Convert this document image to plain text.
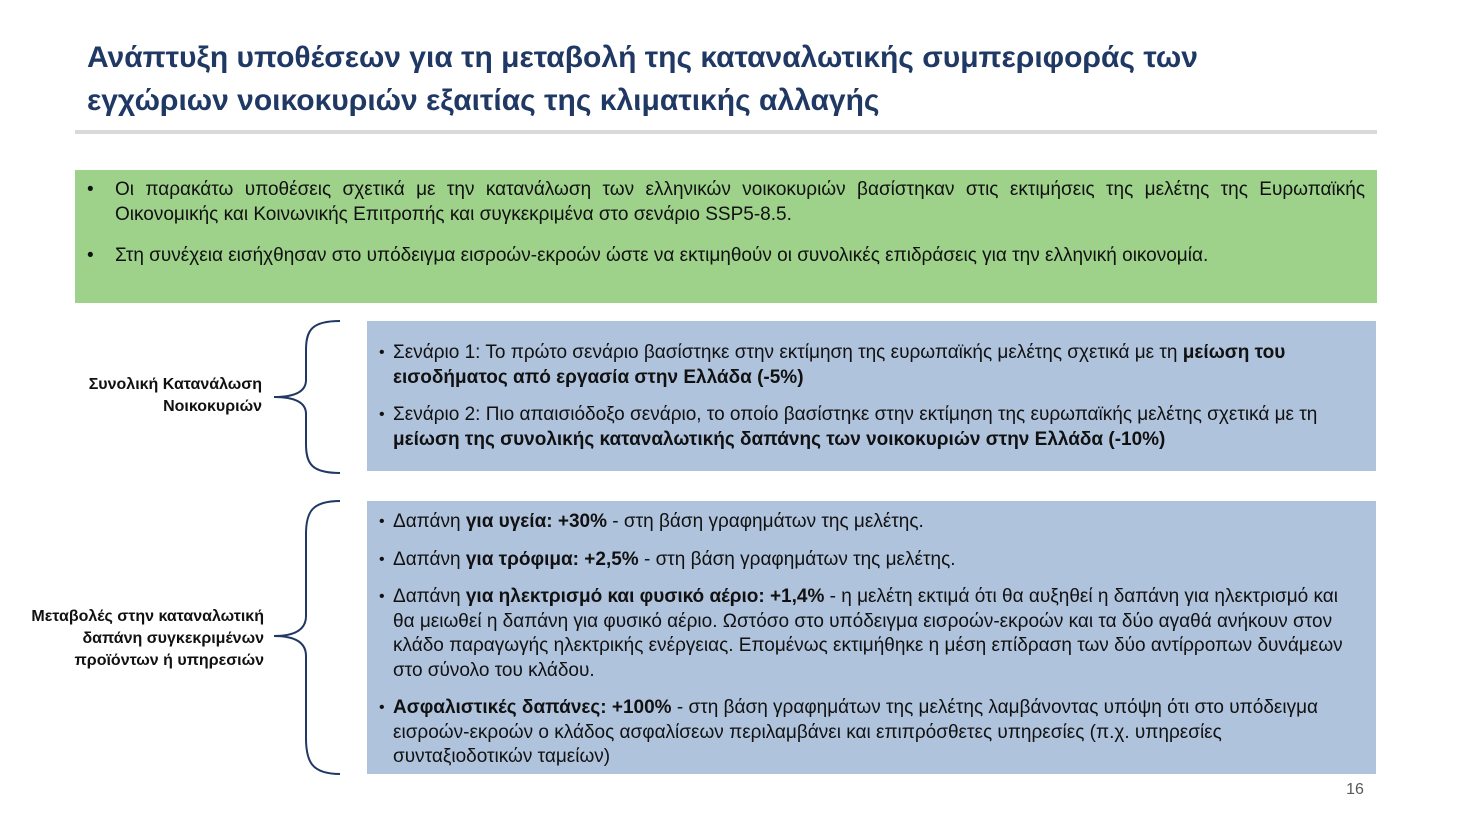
Ανάπτυξη υποθέσεων για τη μεταβολή της καταναλωτικής συμπεριφοράς των
εγχώριων νοικοκυριών εξαιτίας της κλιματικής αλλαγής
• Οι παρακάτω υποθέσεις σχετικά με την κατανάλωση των ελληνικών νοικοκυριών βασίστηκαν στις εκτιμήσεις της μελέτης της Ευρωπαϊκής Οικονομικής και Κοινωνικής Επιτροπής και συγκεκριμένα στο σενάριο SSP5-8.5.
• Στη συνέχεια εισήχθησαν στο υπόδειγμα εισροών-εκροών ώστε να εκτιμηθούν οι συνολικές επιδράσεις για την ελληνική οικονομία.
Συνολική Κατανάλωση
Νοικοκυριών
• Σενάριο 1: Το πρώτο σενάριο βασίστηκε στην εκτίμηση της ευρωπαϊκής μελέτης σχετικά με τη μείωση του εισοδήματος από εργασία στην Ελλάδα (-5%)
• Σενάριο 2: Πιο απαισιόδοξο σενάριο, το οποίο βασίστηκε στην εκτίμηση της ευρωπαϊκής μελέτης σχετικά με τη μείωση της συνολικής καταναλωτικής δαπάνης των νοικοκυριών στην Ελλάδα (-10%)
Μεταβολές στην καταναλωτική
δαπάνη συγκεκριμένων
προϊόντων ή υπηρεσιών
• Δαπάνη για υγεία: +30% - στη βάση γραφημάτων της μελέτης.
• Δαπάνη για τρόφιμα: +2,5% - στη βάση γραφημάτων της μελέτης.
• Δαπάνη για ηλεκτρισμό και φυσικό αέριο: +1,4% - η μελέτη εκτιμά ότι θα αυξηθεί η δαπάνη για ηλεκτρισμό και θα μειωθεί η δαπάνη για φυσικό αέριο. Ωστόσο στο υπόδειγμα εισροών-εκροών και τα δύο αγαθά ανήκουν στον κλάδο παραγωγής ηλεκτρικής ενέργειας. Επομένως εκτιμήθηκε η μέση επίδραση των δύο αντίρροπων δυνάμεων στο σύνολο του κλάδου.
• Ασφαλιστικές δαπάνες: +100% - στη βάση γραφημάτων της μελέτης λαμβάνοντας υπόψη ότι στο υπόδειγμα εισροών-εκροών ο κλάδος ασφαλίσεων περιλαμβάνει και επιπρόσθετες υπηρεσίες (π.χ. υπηρεσίες συνταξιοδοτικών ταμείων)
16
